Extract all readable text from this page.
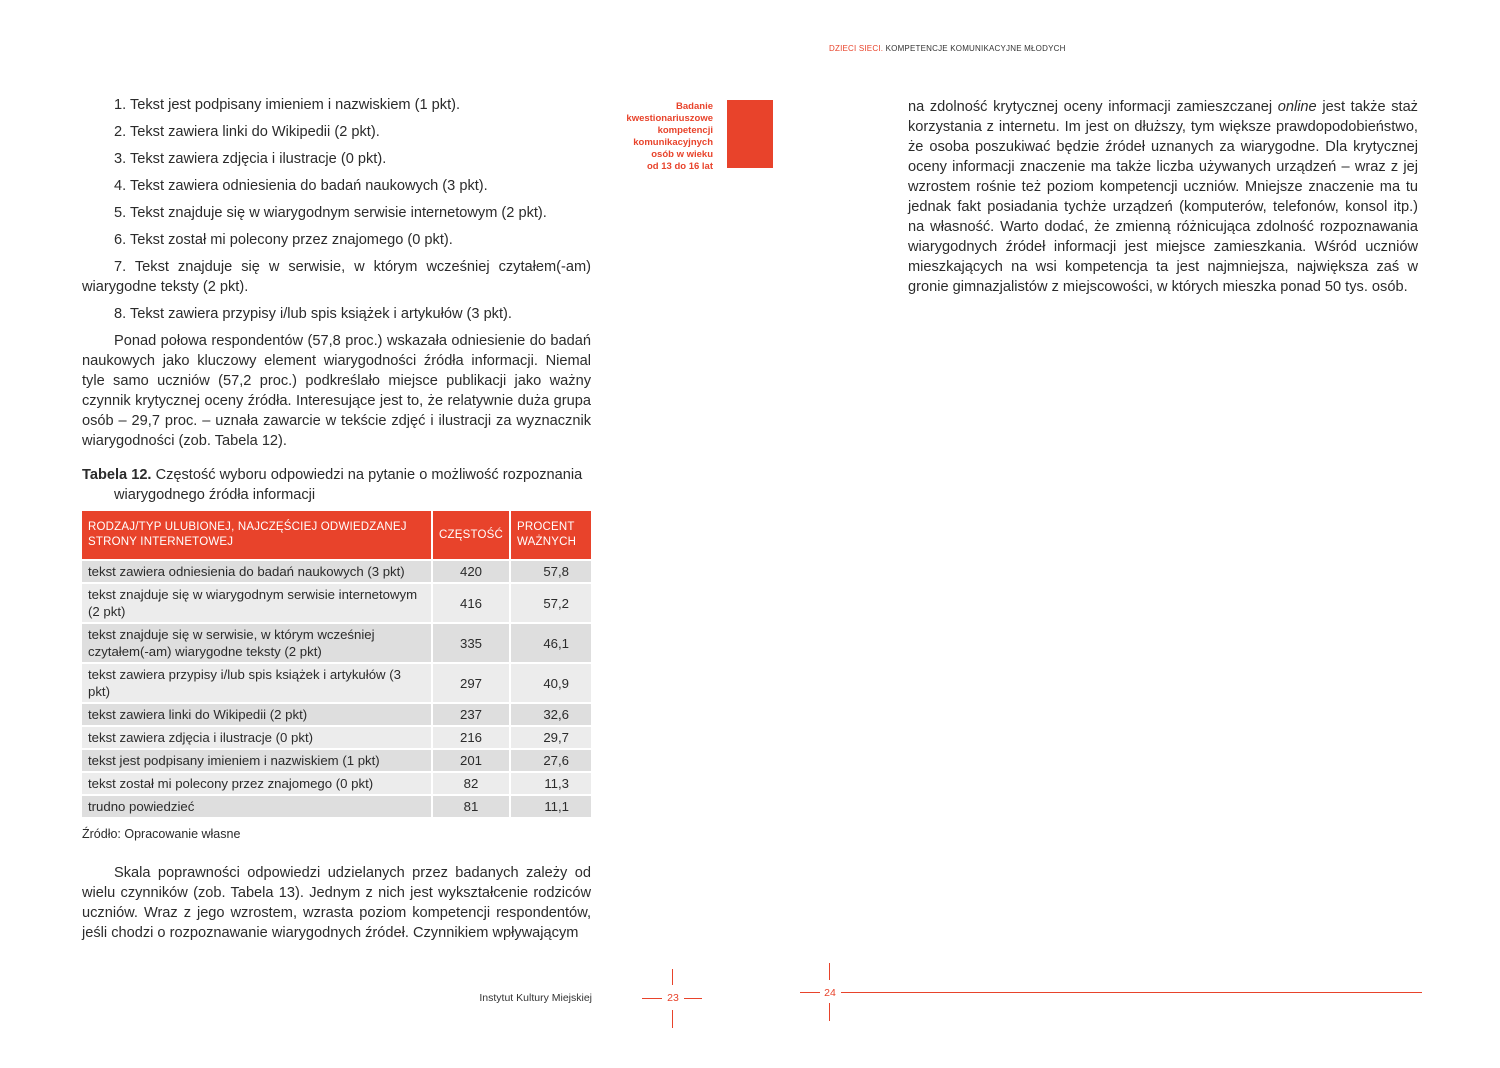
DZIECI SIECI. KOMPETENCJE KOMUNIKACYJNE MŁODYCH
1. Tekst jest podpisany imieniem i nazwiskiem (1 pkt).
2. Tekst zawiera linki do Wikipedii (2 pkt).
3. Tekst zawiera zdjęcia i ilustracje (0 pkt).
4. Tekst zawiera odniesienia do badań naukowych (3 pkt).
5. Tekst znajduje się w wiarygodnym serwisie internetowym (2 pkt).
6. Tekst został mi polecony przez znajomego (0 pkt).
7. Tekst znajduje się w serwisie, w którym wcześniej czytałem(-am) wiarygodne teksty (2 pkt).
8. Tekst zawiera przypisy i/lub spis książek i artykułów (3 pkt).

Ponad połowa respondentów (57,8 proc.) wskazała odniesienie do badań naukowych jako kluczowy element wiarygodności źródła informacji. Niemal tyle samo uczniów (57,2 proc.) podkreślało miejsce publikacji jako ważny czynnik krytycznej oceny źródła. Interesujące jest to, że relatywnie duża grupa osób – 29,7 proc. – uznała zawarcie w tekście zdjęć i ilustracji za wyznacznik wiarygodności (zob. Tabela 12).

Tabela 12. Częstość wyboru odpowiedzi na pytanie o możliwość rozpoznania wiarygodnego źródła informacji

RODZAJ/TYP ULUBIONEJ, NAJCZĘŚCIEJ ODWIEDZANEJ STRONY INTERNETOWEJ	CZĘSTOŚĆ	PROCENT WAŻNYCH
tekst zawiera odniesienia do badań naukowych (3 pkt)	420	57,8
tekst znajduje się w wiarygodnym serwisie internetowym (2 pkt)	416	57,2
tekst znajduje się w serwisie, w którym wcześniej czytałem(-am) wiarygodne teksty (2 pkt)	335	46,1
tekst zawiera przypisy i/lub spis książek i artykułów (3 pkt)	297	40,9
tekst zawiera linki do Wikipedii (2 pkt)	237	32,6
tekst zawiera zdjęcia i ilustracje (0 pkt)	216	29,7
tekst jest podpisany imieniem i nazwiskiem (1 pkt)	201	27,6
tekst został mi polecony przez znajomego (0 pkt)	82	11,3
trudno powiedzieć	81	11,1

Źródło: Opracowanie własne

Skala poprawności odpowiedzi udzielanych przez badanych zależy od wielu czynników (zob. Tabela 13). Jednym z nich jest wykształcenie rodziców uczniów. Wraz z jego wzrostem, wzrasta poziom kompetencji respondentów, jeśli chodzi o rozpoznawanie wiarygodnych źródeł. Czynnikiem wpływającym

Badanie
kwestionariuszowe
kompetencji
komunikacyjnych
osób w wieku
od 13 do 16 lat

na zdolność krytycznej oceny informacji zamieszczanej online jest także staż korzystania z internetu. Im jest on dłuższy, tym większe prawdopodobieństwo, że osoba poszukiwać będzie źródeł uznanych za wiarygodne. Dla krytycznej oceny informacji znaczenie ma także liczba używanych urządzeń – wraz z jej wzrostem rośnie też poziom kompetencji uczniów. Mniejsze znaczenie ma tu jednak fakt posiadania tychże urządzeń (komputerów, telefonów, konsol itp.) na własność. Warto dodać, że zmienną różnicująca zdolność rozpoznawania wiarygodnych źródeł informacji jest miejsce zamieszkania. Wśród uczniów mieszkających na wsi kompetencja ta jest najmniejsza, największa zaś w gronie gimnazjalistów z miejscowości, w których mieszka ponad 50 tys. osób.

Instytut Kultury Miejskiej	23	24
